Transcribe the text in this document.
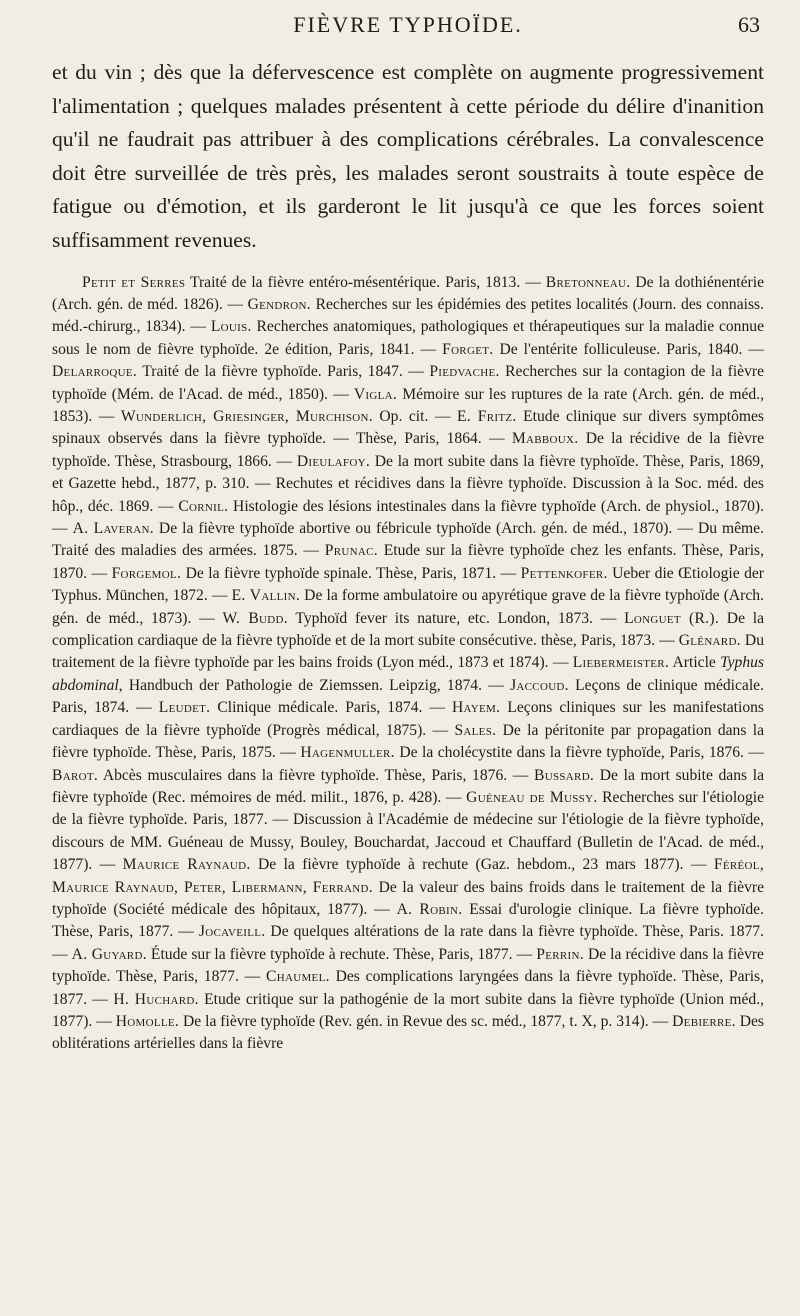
FIÈVRE TYPHOÏDE.	63

et du vin ; dès que la défervescence est complète on augmente progressivement l'alimentation ; quelques malades présentent à cette période du délire d'inanition qu'il ne faudrait pas attribuer à des complications cérébrales. La convalescence doit être surveillée de très près, les malades seront soustraits à toute espèce de fatigue ou d'émotion, et ils garderont le lit jusqu'à ce que les forces soient suffisamment revenues.

Petit et Serres Traité de la fièvre entéro-mésentérique. Paris, 1813. — Bretonneau. De la dothiénentérie (Arch. gén. de méd. 1826). — Gendron. Recherches sur les épidémies des petites localités (Journ. des connaiss. méd.-chirurg., 1834). — Louis. Recherches anatomiques, pathologiques et thérapeutiques sur la maladie connue sous le nom de fièvre typhoïde. 2e édition, Paris, 1841. — Forget. De l'entérite folliculeuse. Paris, 1840. — Delarroque. Traité de la fièvre typhoïde. Paris, 1847. — Piedvache. Recherches sur la contagion de la fièvre typhoïde (Mém. de l'Acad. de méd., 1850). — Vigla. Mémoire sur les ruptures de la rate (Arch. gén. de méd., 1853). — Wunderlich, Griesinger, Murchison. Op. cit. — E. Fritz. Etude clinique sur divers symptômes spinaux observés dans la fièvre typhoïde. — Thèse, Paris, 1864. — Mabboux. De la récidive de la fièvre typhoïde. Thèse, Strasbourg, 1866. — Dieulafoy. De la mort subite dans la fièvre typhoïde. Thèse, Paris, 1869, et Gazette hebd., 1877, p. 310. — Rechutes et récidives dans la fièvre typhoïde. Discussion à la Soc. méd. des hôp., déc. 1869. — Cornil. Histologie des lésions intestinales dans la fièvre typhoïde (Arch. de physiol., 1870). — A. Laveran. De la fièvre typhoïde abortive ou fébricule typhoïde (Arch. gén. de méd., 1870). — Du même. Traité des maladies des armées. 1875. — Prunac. Etude sur la fièvre typhoïde chez les enfants. Thèse, Paris, 1870. — Forgemol. De la fièvre typhoïde spinale. Thèse, Paris, 1871. — Pettenkofer. Ueber die Œtiologie der Typhus. München, 1872. — E. Vallin. De la forme ambulatoire ou apyrétique grave de la fièvre typhoïde (Arch. gén. de méd., 1873). — W. Budd. Typhoïd fever its nature, etc. London, 1873. — Longuet (R.). De la complication cardiaque de la fièvre typhoïde et de la mort subite consécutive. thèse, Paris, 1873. — Glénard. Du traitement de la fièvre typhoïde par les bains froids (Lyon méd., 1873 et 1874). — Liebermeister. Article Typhus abdominal, Handbuch der Pathologie de Ziemssen. Leipzig, 1874. — Jaccoud. Leçons de clinique médicale. Paris, 1874. — Leudet. Clinique médicale. Paris, 1874. — Hayem. Leçons cliniques sur les manifestations cardiaques de la fièvre typhoïde (Progrès médical, 1875). — Sales. De la péritonite par propagation dans la fièvre typhoïde. Thèse, Paris, 1875. — Hagenmuller. De la cholécystite dans la fièvre typhoïde, Paris, 1876. — Barot. Abcès musculaires dans la fièvre typhoïde. Thèse, Paris, 1876. — Bussard. De la mort subite dans la fièvre typhoïde (Rec. mémoires de méd. milit., 1876, p. 428). — Guéneau de Mussy. Recherches sur l'étiologie de la fièvre typhoïde. Paris, 1877. — Discussion à l'Académie de médecine sur l'étiologie de la fièvre typhoïde, discours de MM. Guéneau de Mussy, Bouley, Bouchardat, Jaccoud et Chauffard (Bulletin de l'Acad. de méd., 1877). — Maurice Raynaud. De la fièvre typhoïde à rechute (Gaz. hebdom., 23 mars 1877). — Féréol, Maurice Raynaud, Peter, Libermann, Ferrand. De la valeur des bains froids dans le traitement de la fièvre typhoïde (Société médicale des hôpitaux, 1877). — A. Robin. Essai d'urologie clinique. La fièvre typhoïde. Thèse, Paris, 1877. — Jocaveill. De quelques altérations de la rate dans la fièvre typhoïde. Thèse, Paris. 1877. — A. Guyard. Étude sur la fièvre typhoïde à rechute. Thèse, Paris, 1877. — Perrin. De la récidive dans la fièvre typhoïde. Thèse, Paris, 1877. — Chaumel. Des complications laryngées dans la fièvre typhoïde. Thèse, Paris, 1877. — H. Huchard. Etude critique sur la pathogénie de la mort subite dans la fièvre typhoïde (Union méd., 1877). — Homolle. De la fièvre typhoïde (Rev. gén. in Revue des sc. méd., 1877, t. X, p. 314). — Debierre. Des oblitérations artérielles dans la fièvre
